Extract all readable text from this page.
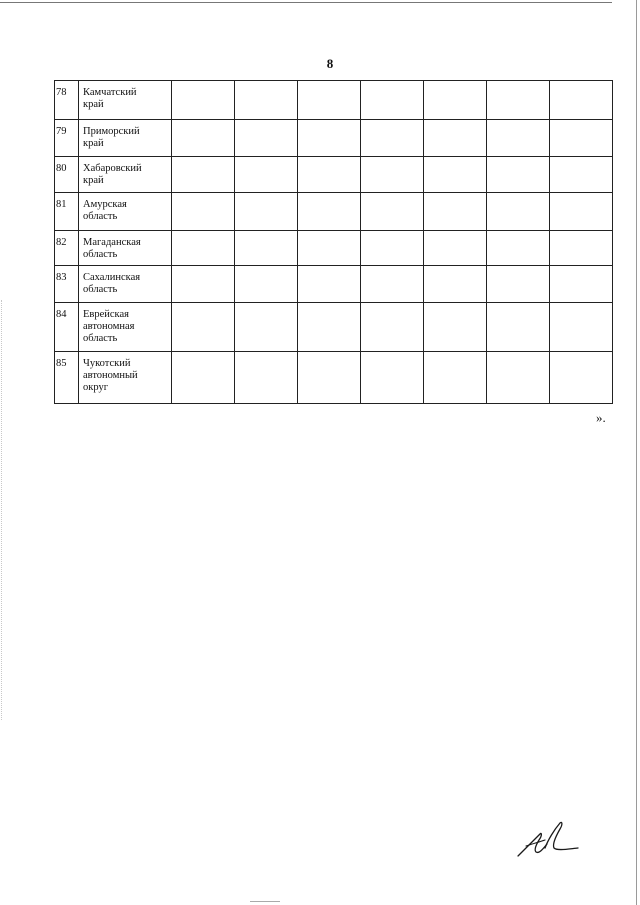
8
78	Камчатский
край							

79	Приморский
край							

80	Хабаровский
край							

81	Амурская
область							

82	Магаданская
область							

83	Сахалинская
область							

84	Еврейская
автономная
область							

85	Чукотский
автономный
округ							

».
